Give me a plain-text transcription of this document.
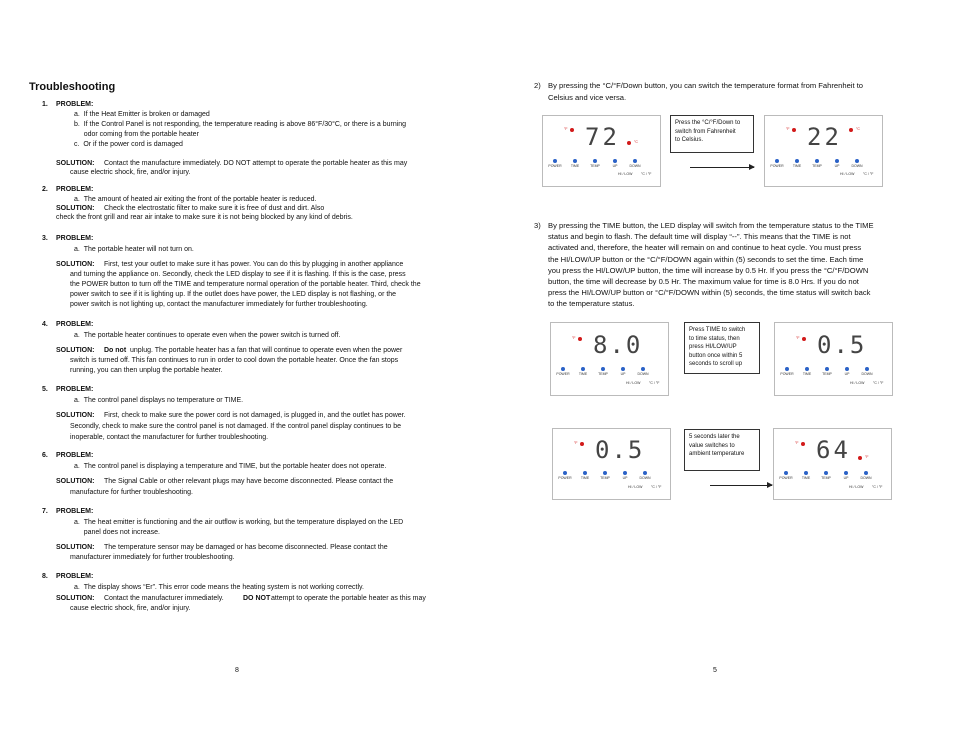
Troubleshooting
1. PROBLEM:
a.  If the Heat Emitter is broken or damaged
b.  If the Control Panel is not responding, the temperature reading is above 86°F/30°C, or there is a burning
odor coming from the portable heater
c.  Or if the power cord is damaged
SOLUTION: Contact the manufacture immediately. DO NOT attempt to operate the portable heater as this may
cause electric shock, fire, and/or injury.
2. PROBLEM:
a.  The amount of heated air exiting the front of the portable heater is reduced.
SOLUTION: Check the electrostatic filter to make sure it is free of dust and dirt. Also
check the front grill and rear air intake to make sure it is not being blocked by any kind of debris.
3. PROBLEM:
a.  The portable heater will not turn on.
SOLUTION: First, test your outlet to make sure it has power. You can do this by plugging in another appliance
and turning the appliance on. Secondly, check the LED display to see if it is flashing. If this is the case, press
the POWER button to turn off the TIME and temperature normal operation of the portable heater. Third, check the
power switch to see if it is lighting up. If the outlet does have power, the LED display is not flashing, or the
power switch is not lighting up, contact the manufacturer immediately for further troubleshooting.
4. PROBLEM:
a.  The portable heater continues to operate even when the power switch is turned off.
SOLUTION: Do not unplug. The portable heater has a fan that will continue to operate even when the power
switch is turned off. This fan continues to run in order to cool down the portable heater. Once the fan stops
running, you can then unplug the portable heater.
5. PROBLEM:
a.  The control panel displays no temperature or TIME.
SOLUTION: First, check to make sure the power cord is not damaged, is plugged in, and the outlet has power.
Secondly, check to make sure the control panel is not damaged. If the control panel display continues to be
inoperable, contact the manufacturer for further troubleshooting.
6. PROBLEM:
a.  The control panel is displaying a temperature and TIME, but the portable heater does not operate.
SOLUTION: The Signal Cable or other relevant plugs may have become disconnected. Please contact the
manufacture for further troubleshooting.
7. PROBLEM:
a.  The heat emitter is functioning and the air outflow is working, but the temperature displayed on the LED
panel does not increase.
SOLUTION: The temperature sensor may be damaged or has become disconnected. Please contact the
manufacturer immediately for further troubleshooting.
8. PROBLEM:
a.  The display shows “Er”. This error code means the heating system is not working correctly.
SOLUTION: Contact the manufacturer immediately.	DO NOT attempt to operate the portable heater as this may
cause electric shock, fire, and/or injury.
8
2) By pressing the °C/°F/Down button, you can switch the temperature format from Fahrenheit to
Celsius and vice versa.
°F 72	°C
POWER	TIME	TEMP	UP	DOWN
HI / LOW °C / °F
Press the °C/°F/Down to
switch from Fahrenheit
to Celsius.
°F 22	°C
POWER	TIME	TEMP	UP	DOWN
HI / LOW °C / °F
3) By pressing the TIME button, the LED display will switch from the temperature status to the TIME
status and begin to flash. The default time will display “--”. This means that the TIME is not
activated and, therefore, the heater will remain on and continue to heat cycle. You must press
the HI/LOW/UP button or the °C/°F/DOWN again within (5) seconds to set the time. Each time
you press the HI/LOW/UP button, the time will increase by 0.5 Hr. If you press the °C/°F/DOWN
button, the time will decrease by 0.5 Hr. The maximum value for time is 8.0 Hrs. If you do not
press the HI/LOW/UP button or °C/°F/DOWN within (5) seconds, the time status will switch back
to the temperature status.
°F 8.0
POWER	TIME	TEMP	UP	DOWN
HI / LOW °C / °F
Press TIME to switch
to time status, then
press HI/LOW/UP
button once within 5
seconds to scroll up
°F 0.5
POWER	TIME	TEMP	UP	DOWN
HI / LOW °C / °F
°F 0.5
POWER	TIME	TEMP	UP	DOWN
HI / LOW °C / °F
5 seconds later the
value switches to
ambient temperature
°F 64	°F
POWER	TIME	TEMP	UP	DOWN
HI / LOW °C / °F
5
